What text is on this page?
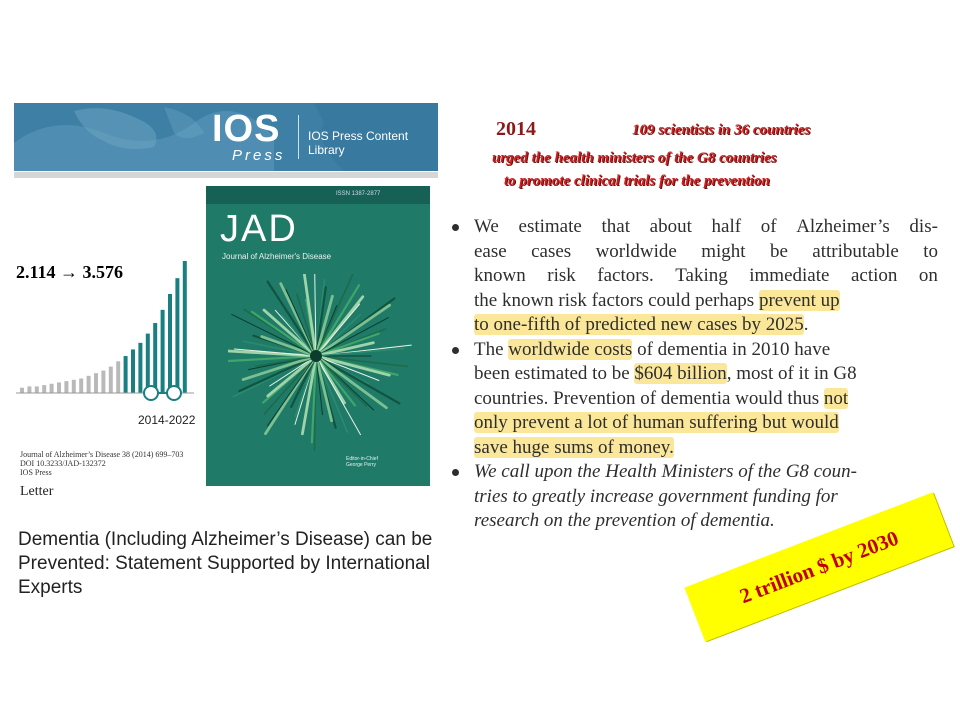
IOS
Press
IOS Press Content Library
2.114 → 3.576
2014-2022
Journal of Alzheimer’s Disease 38 (2014) 699–703
DOI 10.3233/JAD-132372
IOS Press
Letter
Dementia (Including Alzheimer’s Disease) can be Prevented: Statement Supported by International Experts
ISSN 1387-2877
JAD
Journal of Alzheimer's Disease
Editor-in-Chief
George Perry
2014	109 scientists in 36 countries
urged the health ministers of the G8 countries
to promote clinical trials for the prevention
We estimate that about half of Alzheimer’s dis-
ease cases worldwide might be attributable to
known risk factors. Taking immediate action on
the known risk factors could perhaps prevent up
to one-fifth of predicted new cases by 2025.
The worldwide costs of dementia in 2010 have
been estimated to be $604 billion, most of it in G8
countries. Prevention of dementia would thus not
only prevent a lot of human suffering but would
save huge sums of money.
We call upon the Health Ministers of the G8 coun-
tries to greatly increase government funding for
research on the prevention of dementia.
2 trillion $ by 2030
